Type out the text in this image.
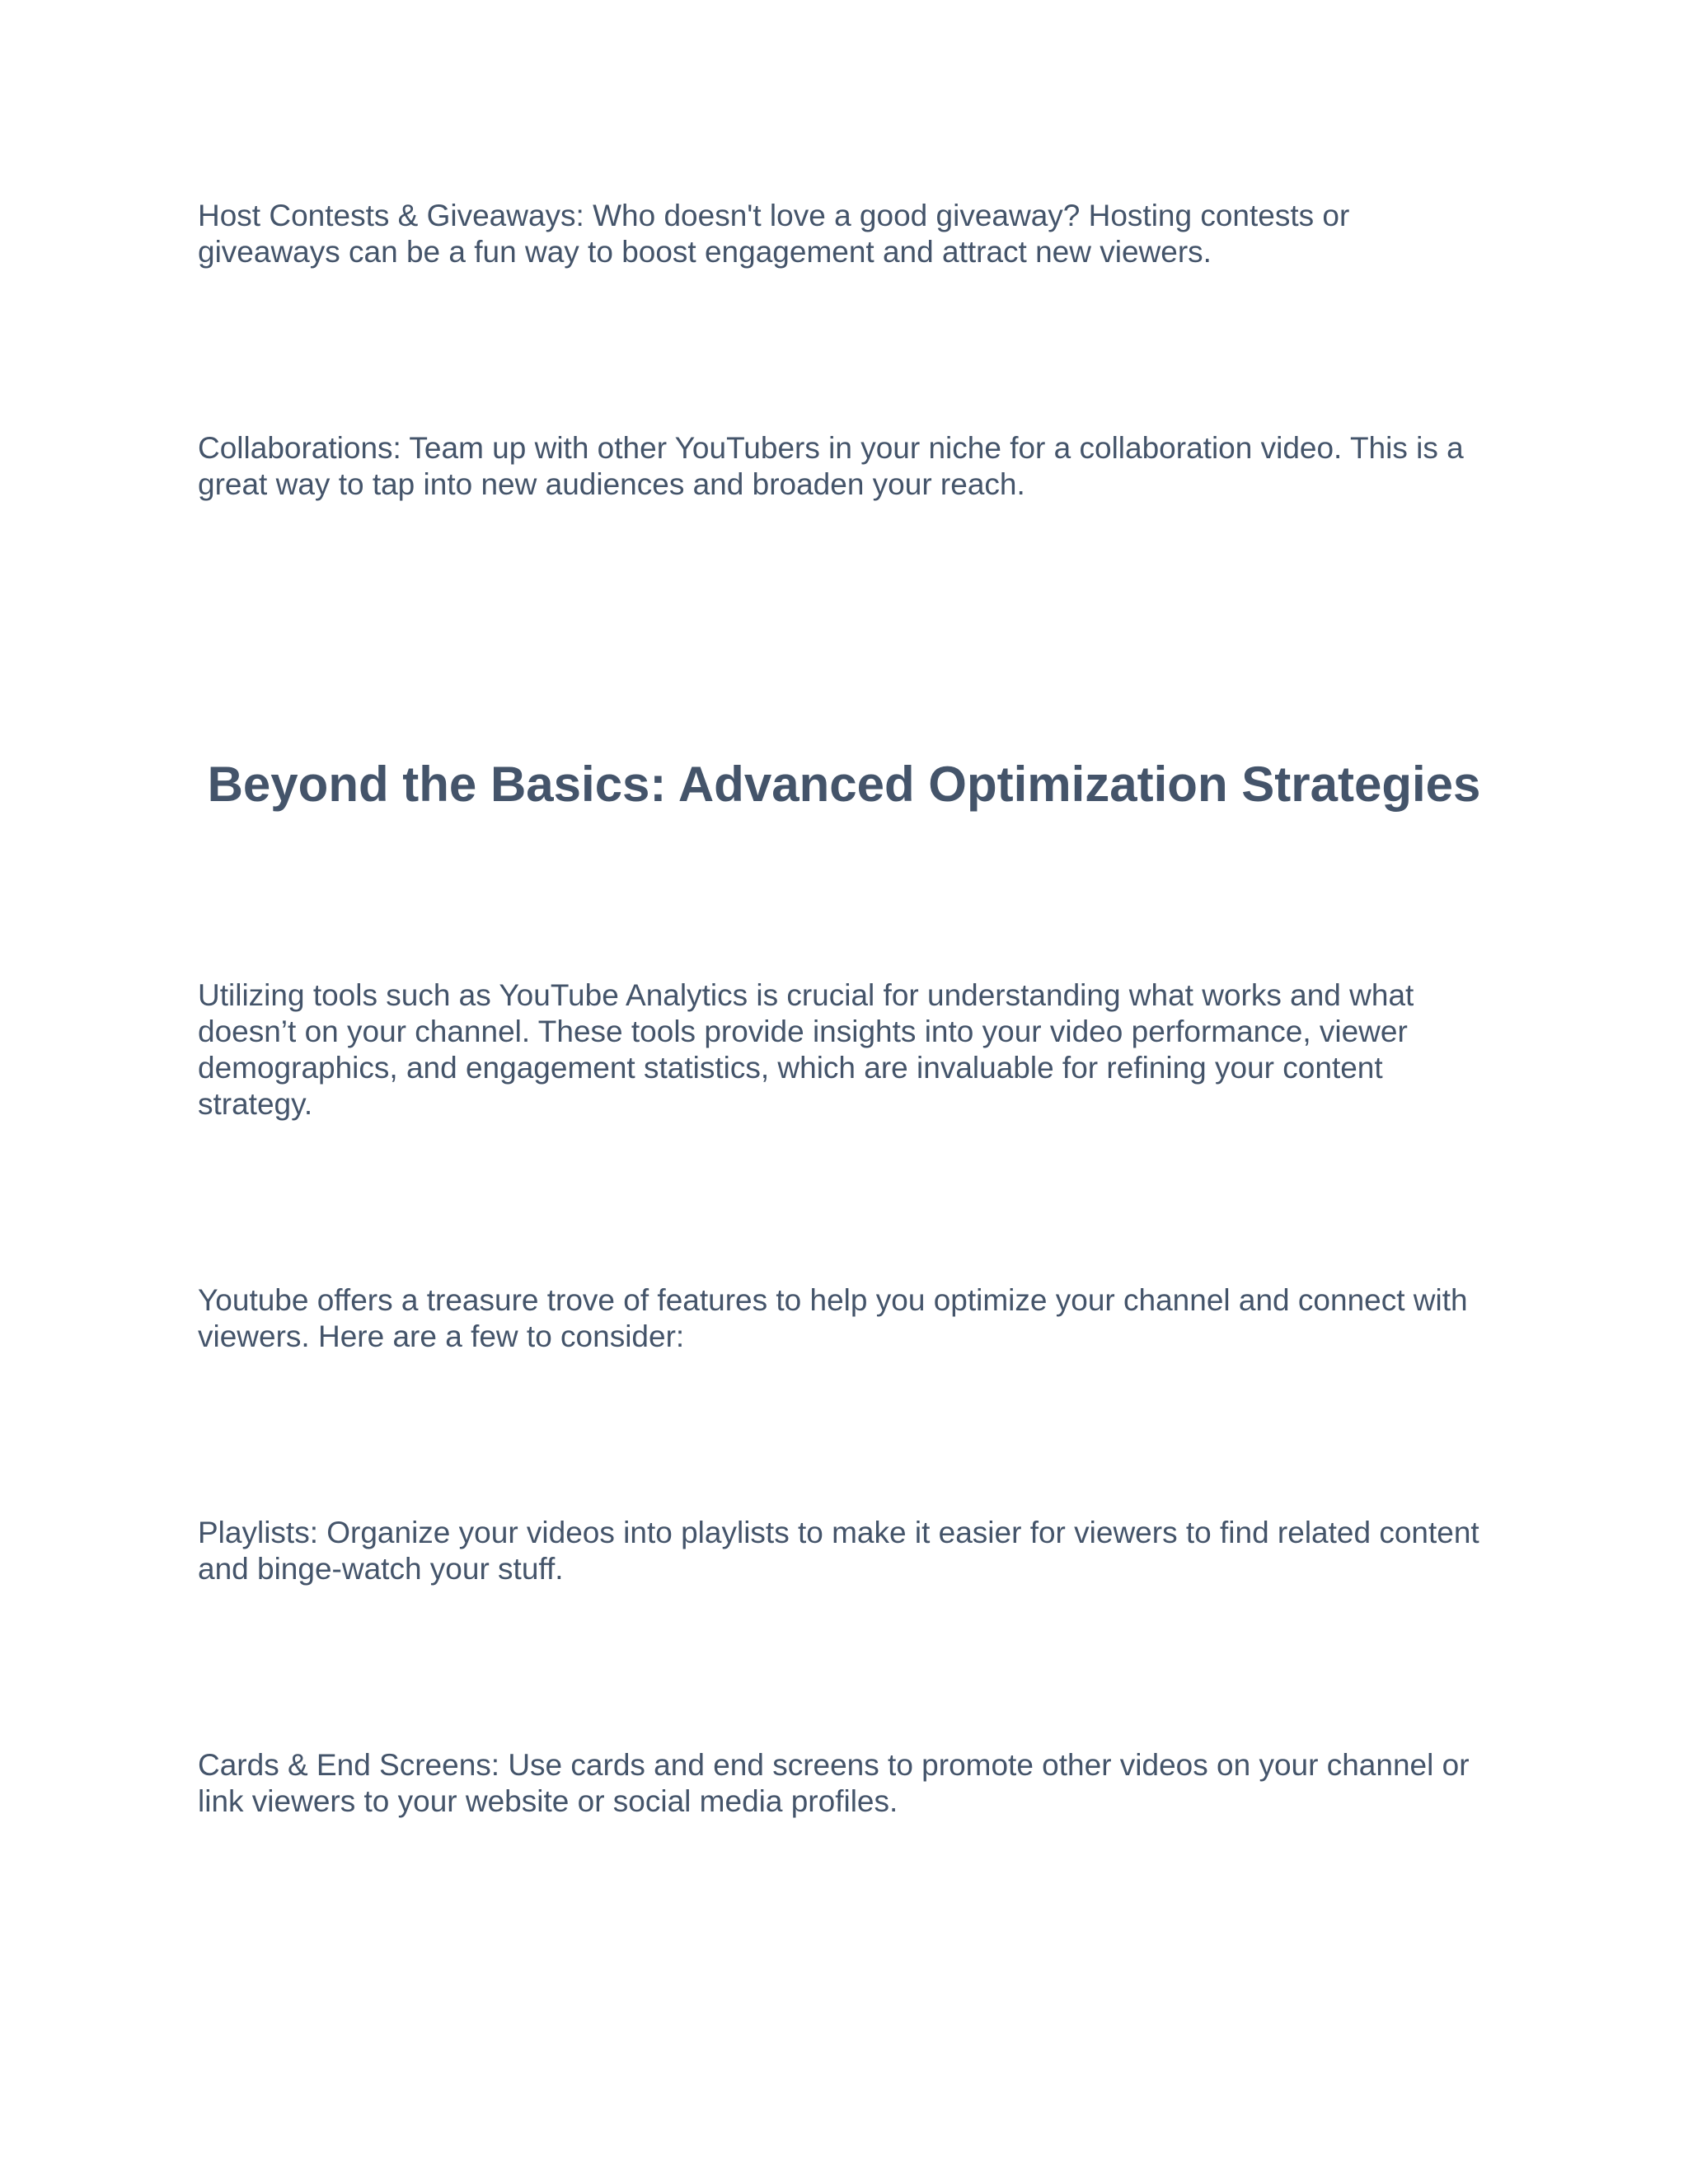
Host Contests & Giveaways: Who doesn't love a good giveaway? Hosting contests or giveaways can be a fun way to boost engagement and attract new viewers.

Collaborations: Team up with other YouTubers in your niche for a collaboration video. This is a great way to tap into new audiences and broaden your reach.

Beyond the Basics: Advanced Optimization Strategies

Utilizing tools such as YouTube Analytics is crucial for understanding what works and what doesn’t on your channel. These tools provide insights into your video performance, viewer demographics, and engagement statistics, which are invaluable for refining your content strategy.

Youtube offers a treasure trove of features to help you optimize your channel and connect with viewers. Here are a few to consider:

Playlists: Organize your videos into playlists to make it easier for viewers to find related content and binge-watch your stuff.

Cards & End Screens: Use cards and end screens to promote other videos on your channel or link viewers to your website or social media profiles.
